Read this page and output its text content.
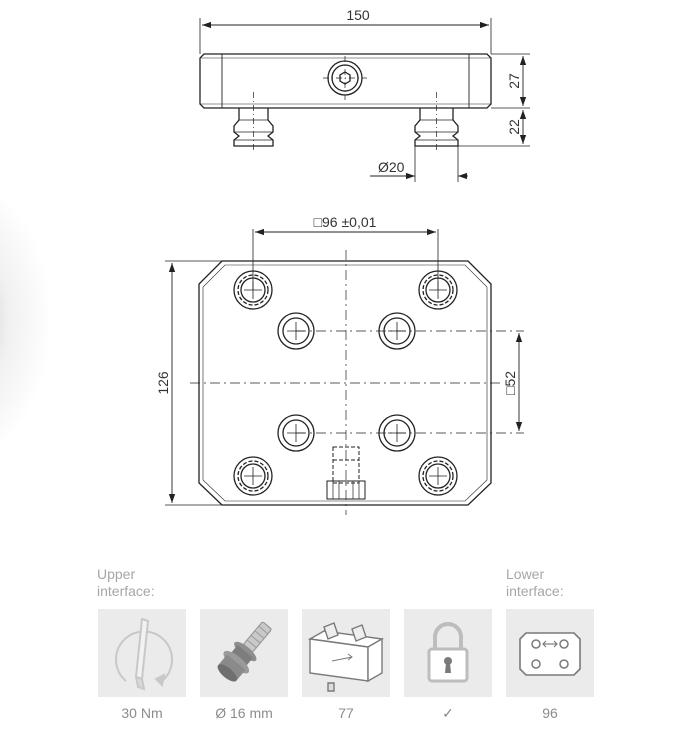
150
27
22
Ø20
□96 ±0,01
126	□52
Upper interface:
Lower interface:
30 Nm	Ø 16 mm	77	✓	96
